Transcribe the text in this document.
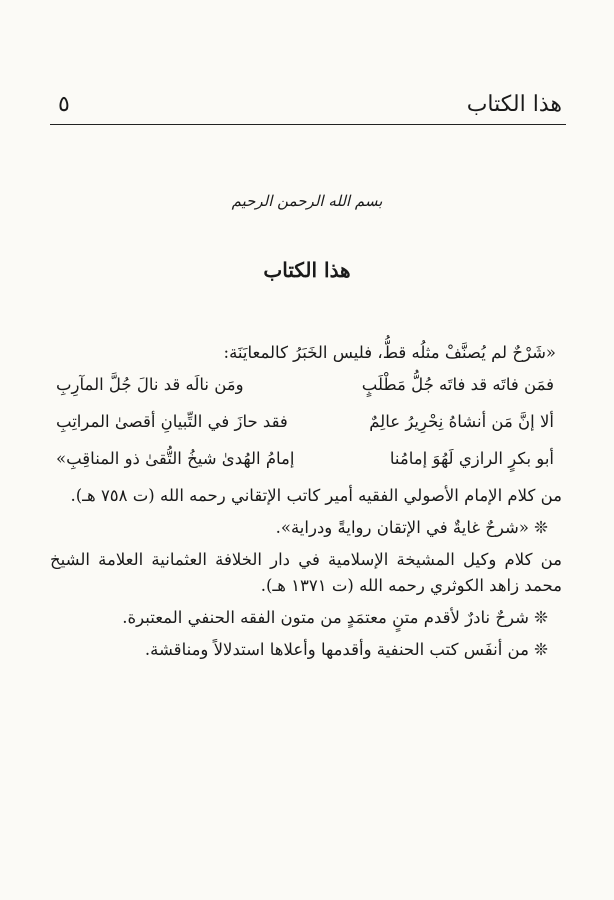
هذا الكتاب
٥
بسم الله الرحمن الرحيم
هذا الكتاب
«شَرْحٌ لم يُصنَّفْ مثلُه قطُّ، فليس الخَبَرُ كالمعايَنَة:
فمَن فاتَه قد فاتَه جُلُّ مَطْلَبٍ
ومَن نالَه قد نالَ جُلَّ المآرِبِ
ألا إنَّ مَن أنشاهُ نِحْرِيرُ عالِمٌ
فقد حازَ في التِّبيانِ أقصىٰ المراتِبِ
أبو بكرٍ الرازي لَهُوَ إمامُنا
إمامُ الهُدىٰ شيخُ التُّقىٰ ذو المناقِبِ»
من كلام الإمام الأصولي الفقيه أمير كاتب الإتقاني رحمه الله (ت ٧٥٨ هـ).
❊ «شرحٌ غايةٌ في الإتقان روايةً ودراية».
من كلام وكيل المشيخة الإسلامية في دار الخلافة العثمانية العلامة الشيخ محمد زاهد الكوثري رحمه الله (ت ١٣٧١ هـ).
❊ شرحٌ نادرٌ لأقدم متنٍ معتمَدٍ من متون الفقه الحنفي المعتبرة.
❊ من أنفَس كتب الحنفية وأقدمها وأعلاها استدلالاً ومناقشة.
